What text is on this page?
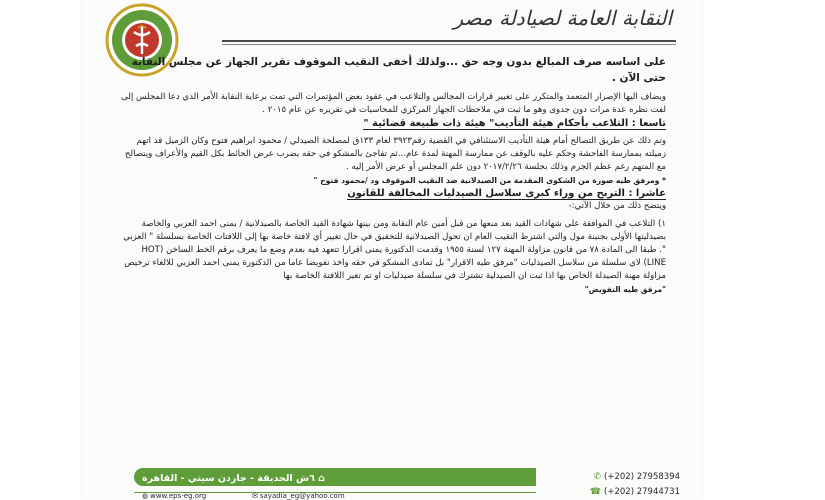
النقابة العامة لصيادلة مصر

على اساسه صرف المبالغ بدون وجه حق ...ولذلك أخفى النقيب الموقوف تقرير الجهاز عن مجلس النقابة حتى الآن .

ويضاف اليها الإصرار المتعمد والمتكرر على تغيير قرارات المجالس والتلاعب في عقود بعض المؤتمرات التي تمت برعاية النقابة الأمر الذي دعا المجلس إلى لفت نظره عدة مرات دون جدوى وهو ما ثبت في ملاحظات الجهاز المركزي للمحاسبات في تقريره عن عام ٢٠١٥ .

تاسعا : التلاعب بأحكام هيئة التأديب" هيئة ذات طبيعة قضائية "

وتم ذلك عن طريق التصالح أمام هيئة التأديب الاستئنافي في القضية رقم٣٩٢٣ لعام ١٣٣ق لمصلحة الصيدلي / محمود ابراهيم فتوح وكان الزميل قد اتهم زميلته بممارسة الفاحشة وحكم عليه بالوقف عن ممارسة المهنة لمدة عام...ثم تفاجئ بالمشكو في حقه يضرب عرض الحائط بكل القيم والأعراف ويتصالح مع المتهم رغم عظم الجرم وذلك بجلسة ٢٠١٧/٢/٢٦ دون علم المجلس أو عرض الأمر إليه .

* ومرفق طيه صورة من الشكوى المقدمة من الصيدلانية ضد النقيب الموقوف ود /محمود فتوح "

عاشرا : التربح من وراء كبرى سلاسل الصيدليات المخالفة للقانون

ويتضح ذلك من خلال الآتي:-

١) التلاعب في الموافقة على شهادات القيد بعد منعها من قبل أمين عام النقابة ومن بينها شهادة القيد الخاصة بالصيدلانية / يمنى احمد العزبي والخاصة بصيدليتها الأولى بجنينة مول والتي اشترط النقيب العام ان تحول الصيدلانية للتحقيق في حال تغيير أي لافتة خاصة بها إلى اللافتات الخاصة بسلسلة " العزبي ". طبقا الى المادة ٧٨ من قانون مزاولة المهنة ١٢٧ لسنة ١٩٥٥ وقدمت الدكتورة يمنى اقرارا تتعهد فيه بعدم وضع ما يعرف برقم الخط الساخن (HOT LINE) لاي سلسلة من سلاسل الصيدليات "مرفق طيه الاقرار" بل تمادى المشكو في حقه واخذ تفويضا عاما من الدكتورة يمنى احمد العزبي للالغاء ترخيص مزاولة مهنة الصيدلة الخاص بها اذا ثبت ان الصيدلية تشترك في سلسلة صيدليات او تم تغير اللافتة الخاصة بها

"مرفق طيه التفويض"

⌂ ٦ش الحديقة - جاردن سيتي - القاهرة
◍ www.eps-eg.org	✉ sayadia_eg@yahoo.com
✆ (+202) 27958394
☎ (+202) 27944731
